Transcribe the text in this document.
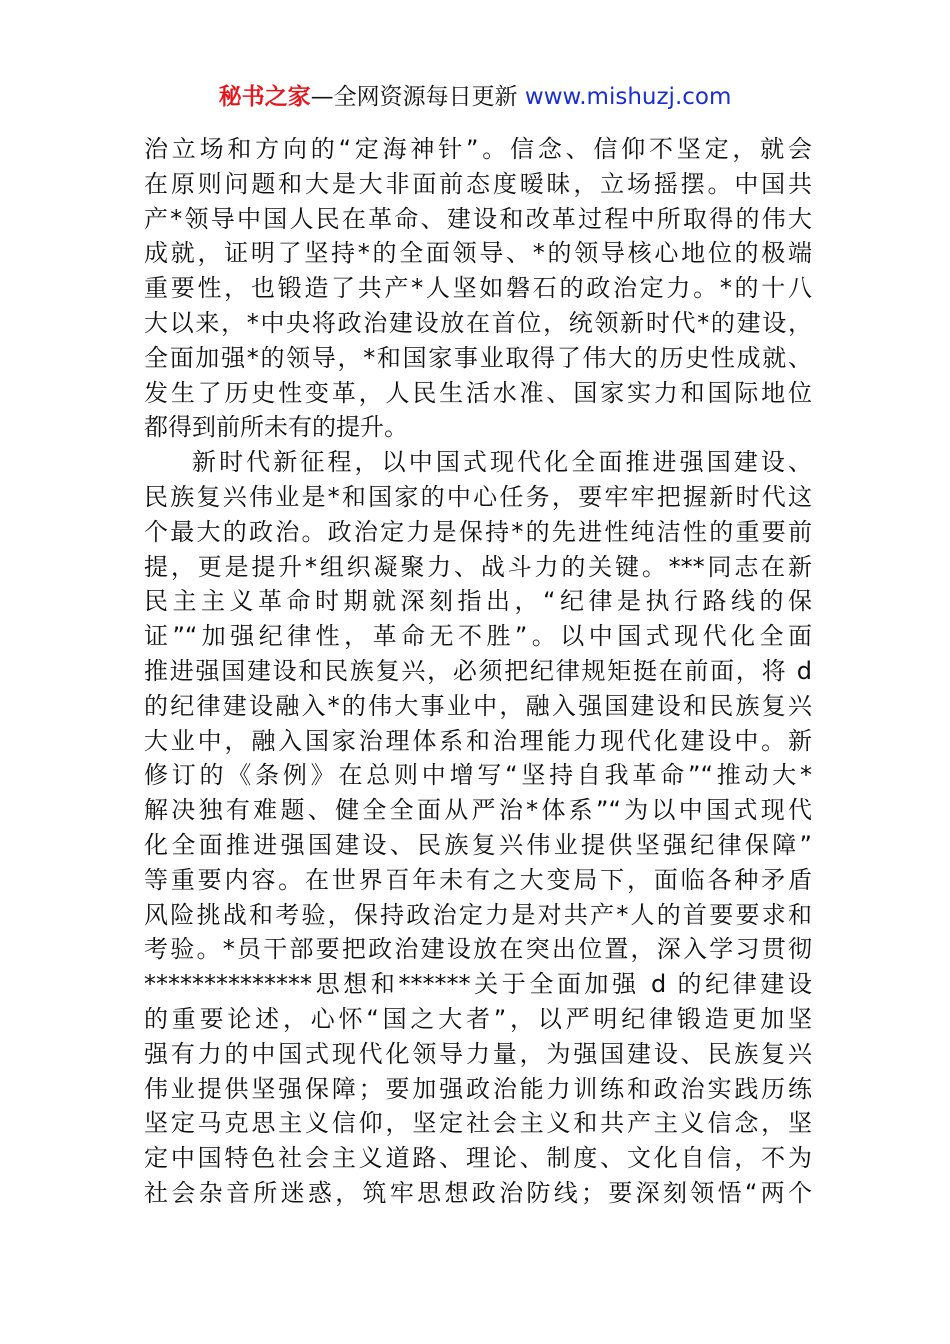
秘书之家—全网资源每日更新 www.mishuzj.com
治立场和方向的“定海神针”。信念、信仰不坚定，就会
在原则问题和大是大非面前态度暧昧，立场摇摆。中国共
产*领导中国人民在革命、建设和改革过程中所取得的伟大
成就，证明了坚持*的全面领导、*的领导核心地位的极端
重要性，也锻造了共产*人坚如磐石的政治定力。*的十八
大以来，*中央将政治建设放在首位，统领新时代*的建设，
全面加强*的领导，*和国家事业取得了伟大的历史性成就、
发生了历史性变革，人民生活水准、国家实力和国际地位
都得到前所未有的提升。
新时代新征程，以中国式现代化全面推进强国建设、
民族复兴伟业是*和国家的中心任务，要牢牢把握新时代这
个最大的政治。政治定力是保持*的先进性纯洁性的重要前
提，更是提升*组织凝聚力、战斗力的关键。***同志在新
民主主义革命时期就深刻指出，“纪律是执行路线的保
证”“加强纪律性，革命无不胜”。以中国式现代化全面
推进强国建设和民族复兴，必须把纪律规矩挺在前面，将 d
的纪律建设融入*的伟大事业中，融入强国建设和民族复兴
大业中，融入国家治理体系和治理能力现代化建设中。新
修订的《条例》在总则中增写“坚持自我革命”“推动大*
解决独有难题、健全全面从严治*体系”“为以中国式现代
化全面推进强国建设、民族复兴伟业提供坚强纪律保障”
等重要内容。在世界百年未有之大变局下，面临各种矛盾
风险挑战和考验，保持政治定力是对共产*人的首要要求和
考验。*员干部要把政治建设放在突出位置，深入学习贯彻
**************思想和******关于全面加强 d 的纪律建设
的重要论述，心怀“国之大者”，以严明纪律锻造更加坚
强有力的中国式现代化领导力量，为强国建设、民族复兴
伟业提供坚强保障；要加强政治能力训练和政治实践历练
坚定马克思主义信仰，坚定社会主义和共产主义信念，坚
定中国特色社会主义道路、理论、制度、文化自信，不为
社会杂音所迷惑，筑牢思想政治防线；要深刻领悟“两个
